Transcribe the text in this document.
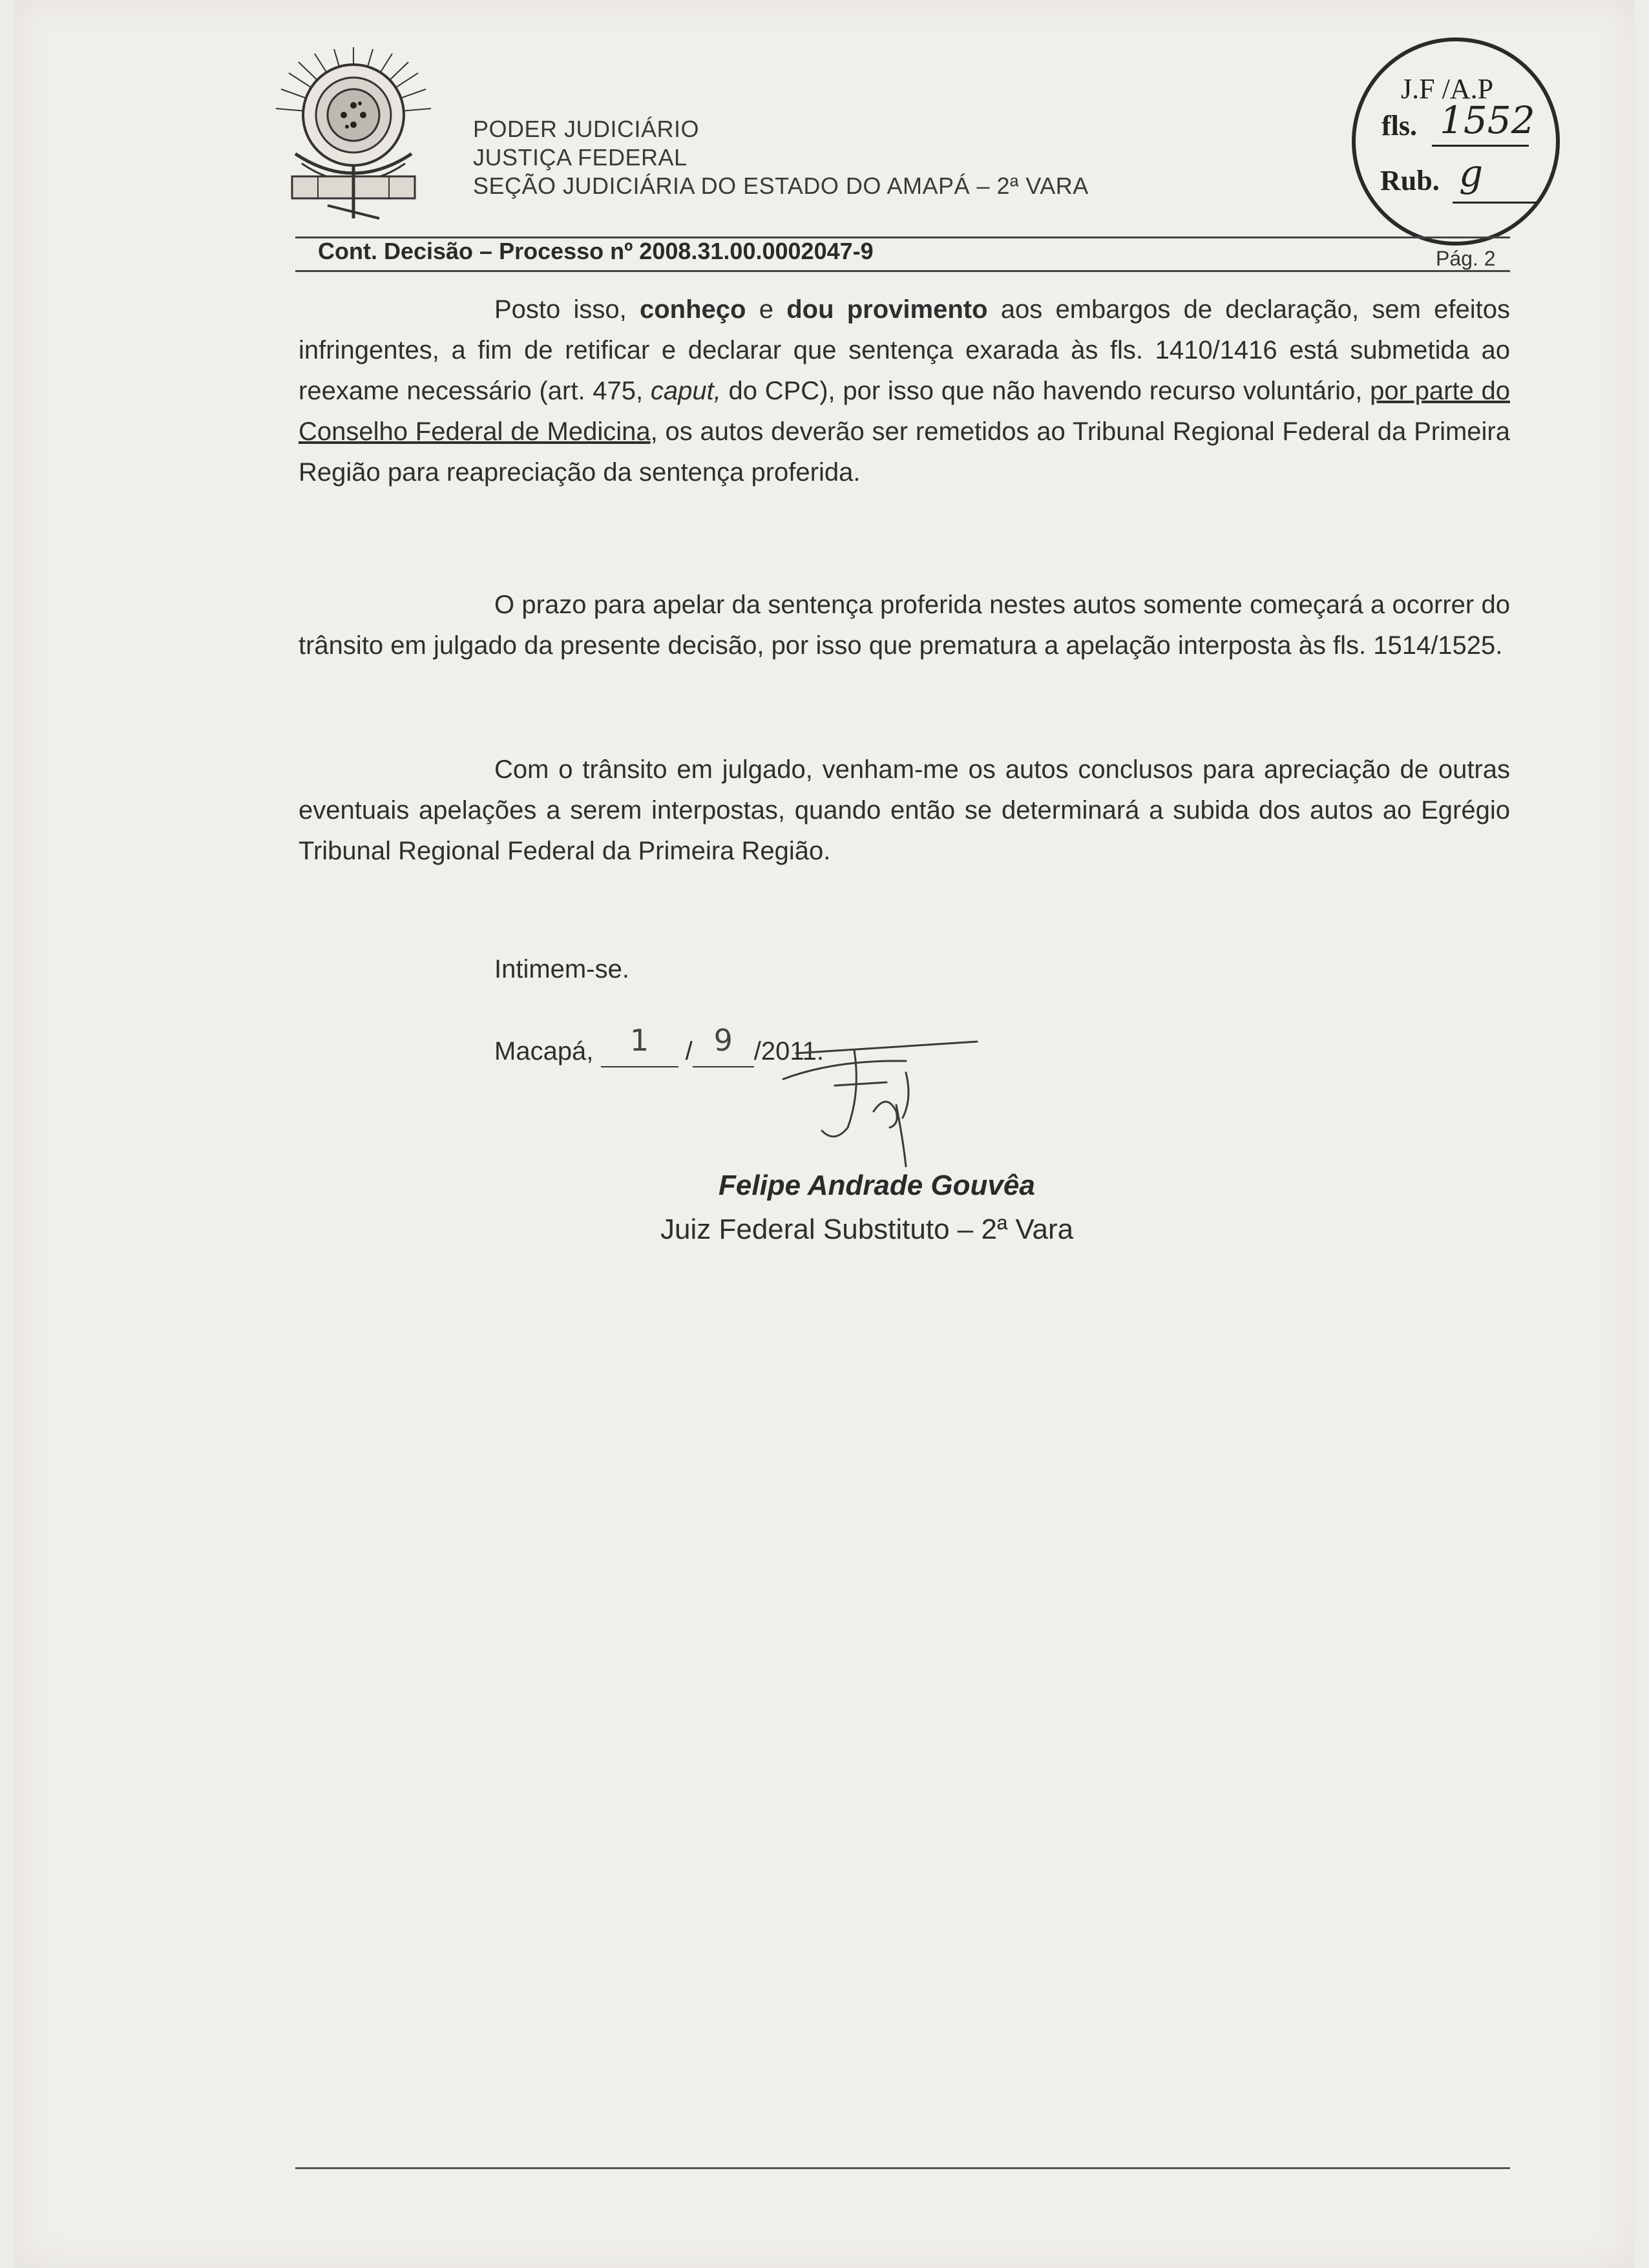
PODER JUDICIÁRIO
JUSTIÇA FEDERAL
SEÇÃO JUDICIÁRIA DO ESTADO DO AMAPÁ – 2ª VARA
J.F /A.P
fls. 1552
Rub. g
Cont. Decisão – Processo nº 2008.31.00.0002047-9	Pág. 2
Posto isso, conheço e dou provimento aos embargos de declaração, sem efeitos infringentes, a fim de retificar e declarar que sentença exarada às fls. 1410/1416 está submetida ao reexame necessário (art. 475, caput, do CPC), por isso que não havendo recurso voluntário, por parte do Conselho Federal de Medicina, os autos deverão ser remetidos ao Tribunal Regional Federal da Primeira Região para reapreciação da sentença proferida.
O prazo para apelar da sentença proferida nestes autos somente começará a ocorrer do trânsito em julgado da presente decisão, por isso que prematura a apelação interposta às fls. 1514/1525.
Com o trânsito em julgado, venham-me os autos conclusos para apreciação de outras eventuais apelações a serem interpostas, quando então se determinará a subida dos autos ao Egrégio Tribunal Regional Federal da Primeira Região.
Intimem-se.
Macapá, 1	/ 9 /2011.
Felipe Andrade Gouvêa
Juiz Federal Substituto – 2ª Vara
